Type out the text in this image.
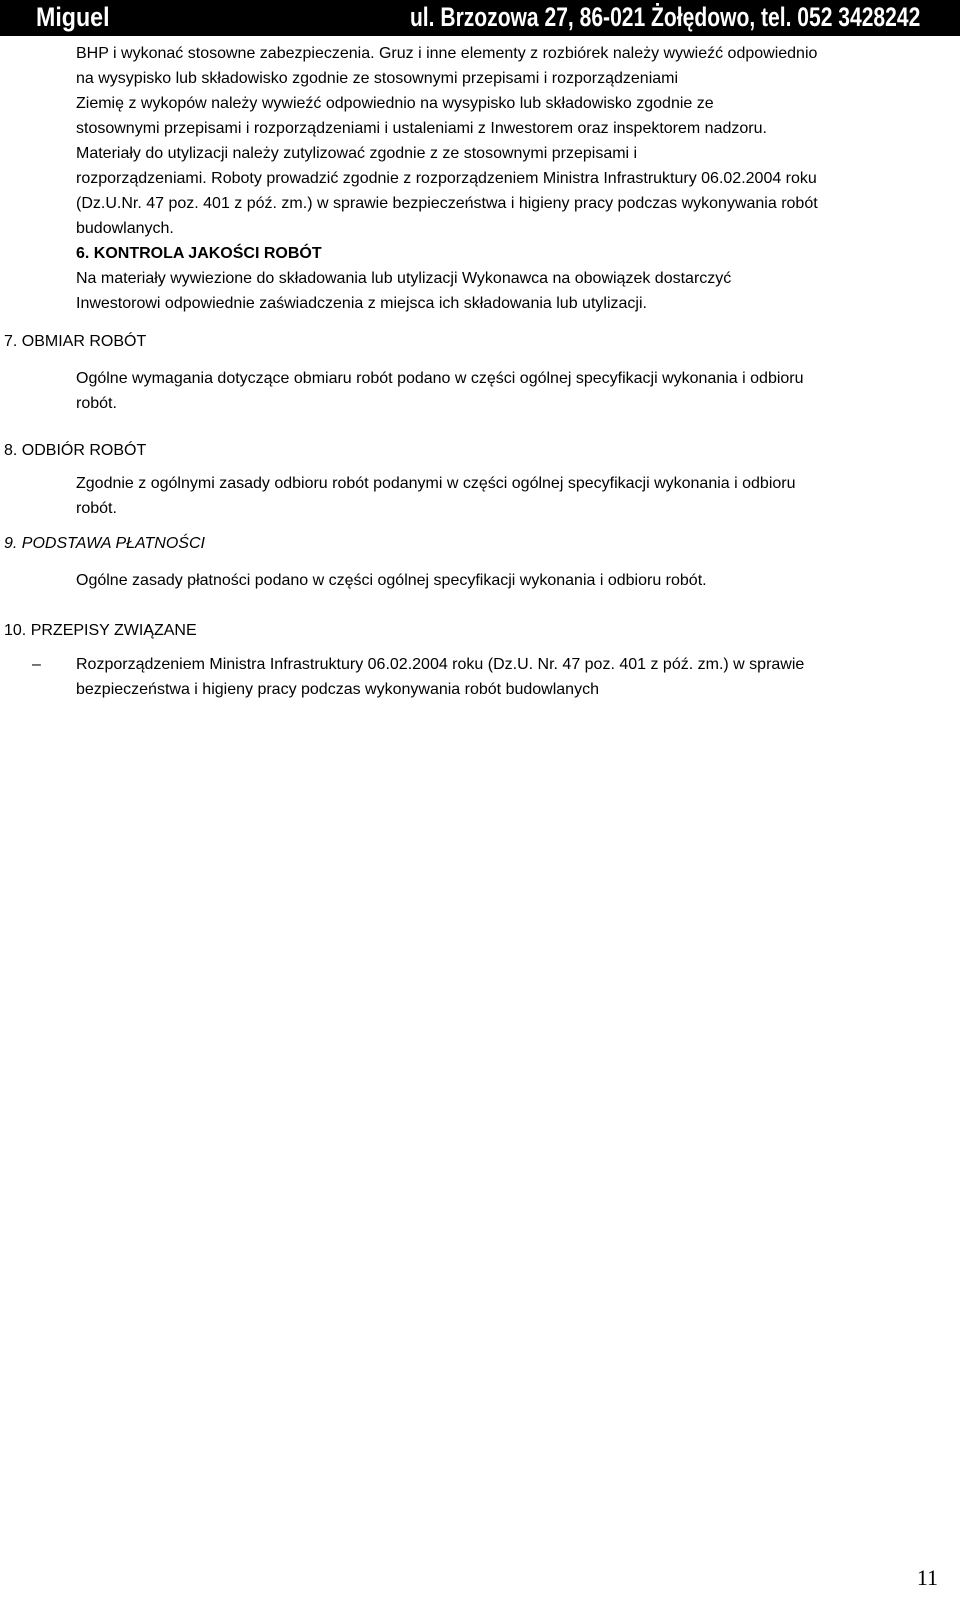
Miguel	ul. Brzozowa 27, 86-021 Żołędowo, tel. 052 3428242
BHP i wykonać stosowne zabezpieczenia. Gruz i inne elementy z rozbiórek należy wywieźć odpowiednio
na wysypisko lub składowisko zgodnie ze stosownymi przepisami i rozporządzeniami
Ziemię z wykopów należy wywieźć odpowiednio na wysypisko lub składowisko zgodnie ze
stosownymi przepisami i rozporządzeniami i ustaleniami z Inwestorem oraz inspektorem nadzoru.
Materiały do utylizacji należy zutylizować zgodnie z ze stosownymi przepisami i
rozporządzeniami. Roboty prowadzić zgodnie z rozporządzeniem Ministra Infrastruktury 06.02.2004 roku
(Dz.U.Nr. 47 poz. 401 z póź. zm.) w sprawie bezpieczeństwa i higieny pracy podczas wykonywania robót
budowlanych.
6. KONTROLA JAKOŚCI ROBÓT
Na materiały wywiezione do składowania lub utylizacji Wykonawca na obowiązek dostarczyć
Inwestorowi odpowiednie zaświadczenia z miejsca ich składowania lub utylizacji.
7. OBMIAR ROBÓT
Ogólne wymagania dotyczące obmiaru robót podano w części ogólnej specyfikacji wykonania i odbioru
robót.
8. ODBIÓR ROBÓT
Zgodnie z ogólnymi zasady odbioru robót podanymi w części ogólnej specyfikacji wykonania i odbioru
robót.
9. PODSTAWA PŁATNOŚCI
Ogólne zasady płatności podano w części ogólnej specyfikacji wykonania i odbioru robót.
10. PRZEPISY ZWIĄZANE
– Rozporządzeniem Ministra Infrastruktury 06.02.2004 roku (Dz.U. Nr. 47 poz. 401 z póź. zm.) w sprawie
bezpieczeństwa i higieny pracy podczas wykonywania robót budowlanych
11
